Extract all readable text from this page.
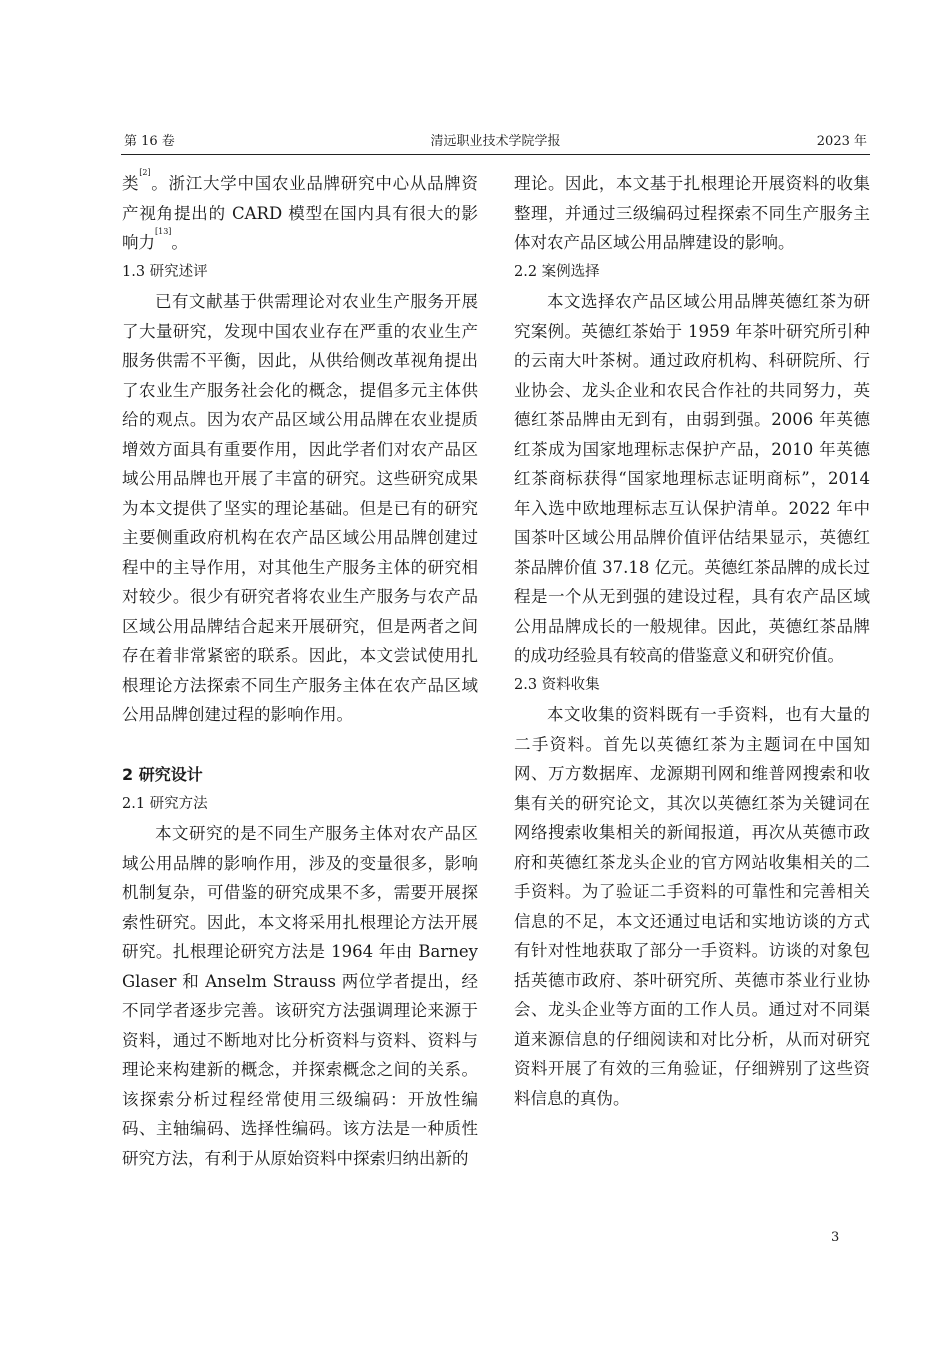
第 16 卷	清远职业技术学院学报	2023 年

类[2]。浙江大学中国农业品牌研究中心从品牌资产视角提出的 CARD 模型在国内具有很大的影响力[13]。

1.3 研究述评

已有文献基于供需理论对农业生产服务开展了大量研究，发现中国农业存在严重的农业生产服务供需不平衡，因此，从供给侧改革视角提出了农业生产服务社会化的概念，提倡多元主体供给的观点。因为农产品区域公用品牌在农业提质增效方面具有重要作用，因此学者们对农产品区域公用品牌也开展了丰富的研究。这些研究成果为本文提供了坚实的理论基础。但是已有的研究主要侧重政府机构在农产品区域公用品牌创建过程中的主导作用，对其他生产服务主体的研究相对较少。很少有研究者将农业生产服务与农产品区域公用品牌结合起来开展研究，但是两者之间存在着非常紧密的联系。因此，本文尝试使用扎根理论方法探索不同生产服务主体在农产品区域公用品牌创建过程的影响作用。

2 研究设计
2.1 研究方法

本文研究的是不同生产服务主体对农产品区域公用品牌的影响作用，涉及的变量很多，影响机制复杂，可借鉴的研究成果不多，需要开展探索性研究。因此，本文将采用扎根理论方法开展研究。扎根理论研究方法是 1964 年由 Barney Glaser 和 Anselm Strauss 两位学者提出，经不同学者逐步完善。该研究方法强调理论来源于资料，通过不断地对比分析资料与资料、资料与理论来构建新的概念，并探索概念之间的关系。该探索分析过程经常使用三级编码：开放性编码、主轴编码、选择性编码。该方法是一种质性研究方法，有利于从原始资料中探索归纳出新的

理论。因此，本文基于扎根理论开展资料的收集整理，并通过三级编码过程探索不同生产服务主体对农产品区域公用品牌建设的影响。

2.2 案例选择

本文选择农产品区域公用品牌英德红茶为研究案例。英德红茶始于 1959 年茶叶研究所引种的云南大叶茶树。通过政府机构、科研院所、行业协会、龙头企业和农民合作社的共同努力，英德红茶品牌由无到有，由弱到强。2006 年英德红茶成为国家地理标志保护产品，2010 年英德红茶商标获得“国家地理标志证明商标”，2014 年入选中欧地理标志互认保护清单。2022 年中国茶叶区域公用品牌价值评估结果显示，英德红茶品牌价值 37.18 亿元。英德红茶品牌的成长过程是一个从无到强的建设过程，具有农产品区域公用品牌成长的一般规律。因此，英德红茶品牌的成功经验具有较高的借鉴意义和研究价值。

2.3 资料收集

本文收集的资料既有一手资料，也有大量的二手资料。首先以英德红茶为主题词在中国知网、万方数据库、龙源期刊网和维普网搜索和收集有关的研究论文，其次以英德红茶为关键词在网络搜索收集相关的新闻报道，再次从英德市政府和英德红茶龙头企业的官方网站收集相关的二手资料。为了验证二手资料的可靠性和完善相关信息的不足，本文还通过电话和实地访谈的方式有针对性地获取了部分一手资料。访谈的对象包括英德市政府、茶叶研究所、英德市茶业行业协会、龙头企业等方面的工作人员。通过对不同渠道来源信息的仔细阅读和对比分析，从而对研究资料开展了有效的三角验证，仔细辨别了这些资料信息的真伪。

3
